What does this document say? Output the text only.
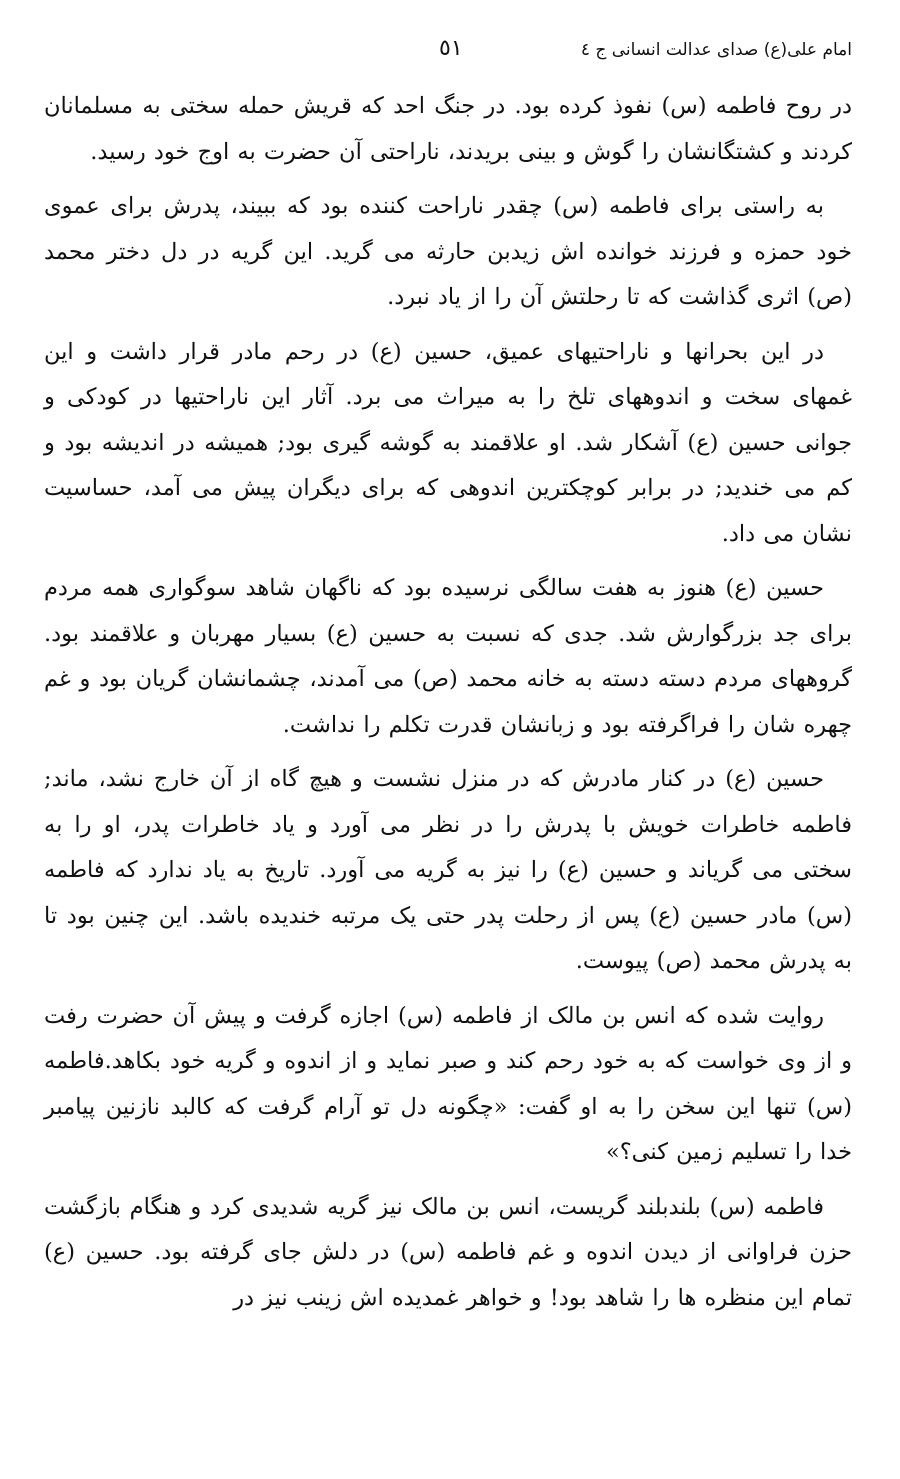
امام علی(ع) صدای عدالت انسانی ج ٤
٥١

در روح فاطمه (س) نفوذ کرده بود. در جنگ احد که قریش حمله سختی به مسلمانان کردند و کشتگانشان را گوش و بینی بریدند، ناراحتی آن حضرت به اوج خود رسید.

به راستی برای فاطمه (س) چقدر ناراحت کننده بود که ببیند، پدرش برای عموی خود حمزه و فرزند خوانده اش زیدبن حارثه می گرید. این گریه در دل دختر محمد (ص) اثری گذاشت که تا رحلتش آن را از یاد نبرد.

در این بحرانها و ناراحتیهای عمیق، حسین (ع) در رحم مادر قرار داشت و این غمهای سخت و اندوههای تلخ را به میراث می برد. آثار این ناراحتیها در کودکی و جوانی حسین (ع) آشکار شد. او علاقمند به گوشه گیری بود; همیشه در اندیشه بود و کم می خندید; در برابر کوچکترین اندوهی که برای دیگران پیش می آمد، حساسیت نشان می داد.

حسین (ع) هنوز به هفت سالگی نرسیده بود که ناگهان شاهد سوگواری همه مردم برای جد بزرگوارش شد. جدی که نسبت به حسین (ع) بسیار مهربان و علاقمند بود. گروههای مردم دسته دسته به خانه محمد (ص) می آمدند، چشمانشان گریان بود و غم چهره شان را فراگرفته بود و زبانشان قدرت تکلم را نداشت.

حسین (ع) در کنار مادرش که در منزل نشست و هیچ گاه از آن خارج نشد، ماند; فاطمه خاطرات خویش با پدرش را در نظر می آورد و یاد خاطرات پدر، او را به سختی می گریاند و حسین (ع) را نیز به گریه می آورد. تاریخ به یاد ندارد که فاطمه (س) مادر حسین (ع) پس از رحلت پدر حتی یک مرتبه خندیده باشد. این چنین بود تا به پدرش محمد (ص) پیوست.

روایت شده که انس بن مالک از فاطمه (س) اجازه گرفت و پیش آن حضرت رفت و از وی خواست که به خود رحم کند و صبر نماید و از اندوه و گریه خود بکاهد.فاطمه (س) تنها این سخن را به او گفت: «چگونه دل تو آرام گرفت که کالبد نازنین پیامبر خدا را تسلیم زمین کنی؟»

فاطمه (س) بلندبلند گریست، انس بن مالک نیز گریه شدیدی کرد و هنگام بازگشت حزن فراوانی از دیدن اندوه و غم فاطمه (س) در دلش جای گرفته بود. حسین (ع) تمام این منظره ها را شاهد بود! و خواهر غمدیده اش زینب نیز در
